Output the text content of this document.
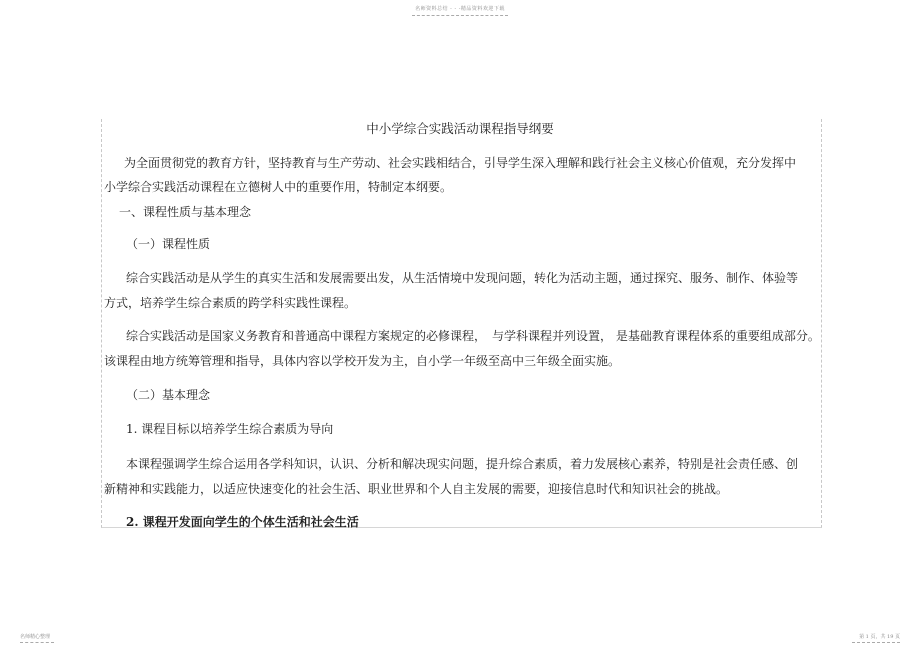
名师资料总结 - - -精品资料欢迎下载
中小学综合实践活动课程指导纲要
为全面贯彻党的教育方针，坚持教育与生产劳动、社会实践相结合，引导学生深入理解和践行社会主义核心价值观，充分发挥中
小学综合实践活动课程在立德树人中的重要作用，特制定本纲要。
一、课程性质与基本理念
（一）课程性质
综合实践活动是从学生的真实生活和发展需要出发，从生活情境中发现问题，转化为活动主题，通过探究、服务、制作、体验等
方式，培养学生综合素质的跨学科实践性课程。
综合实践活动是国家义务教育和普通高中课程方案规定的必修课程， 与学科课程并列设置， 是基础教育课程体系的重要组成部分。
该课程由地方统筹管理和指导，具体内容以学校开发为主，自小学一年级至高中三年级全面实施。
（二）基本理念
1. 课程目标以培养学生综合素质为导向
本课程强调学生综合运用各学科知识，认识、分析和解决现实问题，提升综合素质，着力发展核心素养，特别是社会责任感、创
新精神和实践能力，以适应快速变化的社会生活、职业世界和个人自主发展的需要，迎接信息时代和知识社会的挑战。
2. 课程开发面向学生的个体生活和社会生活
名师精心整理	第 1 页，共 19 页
